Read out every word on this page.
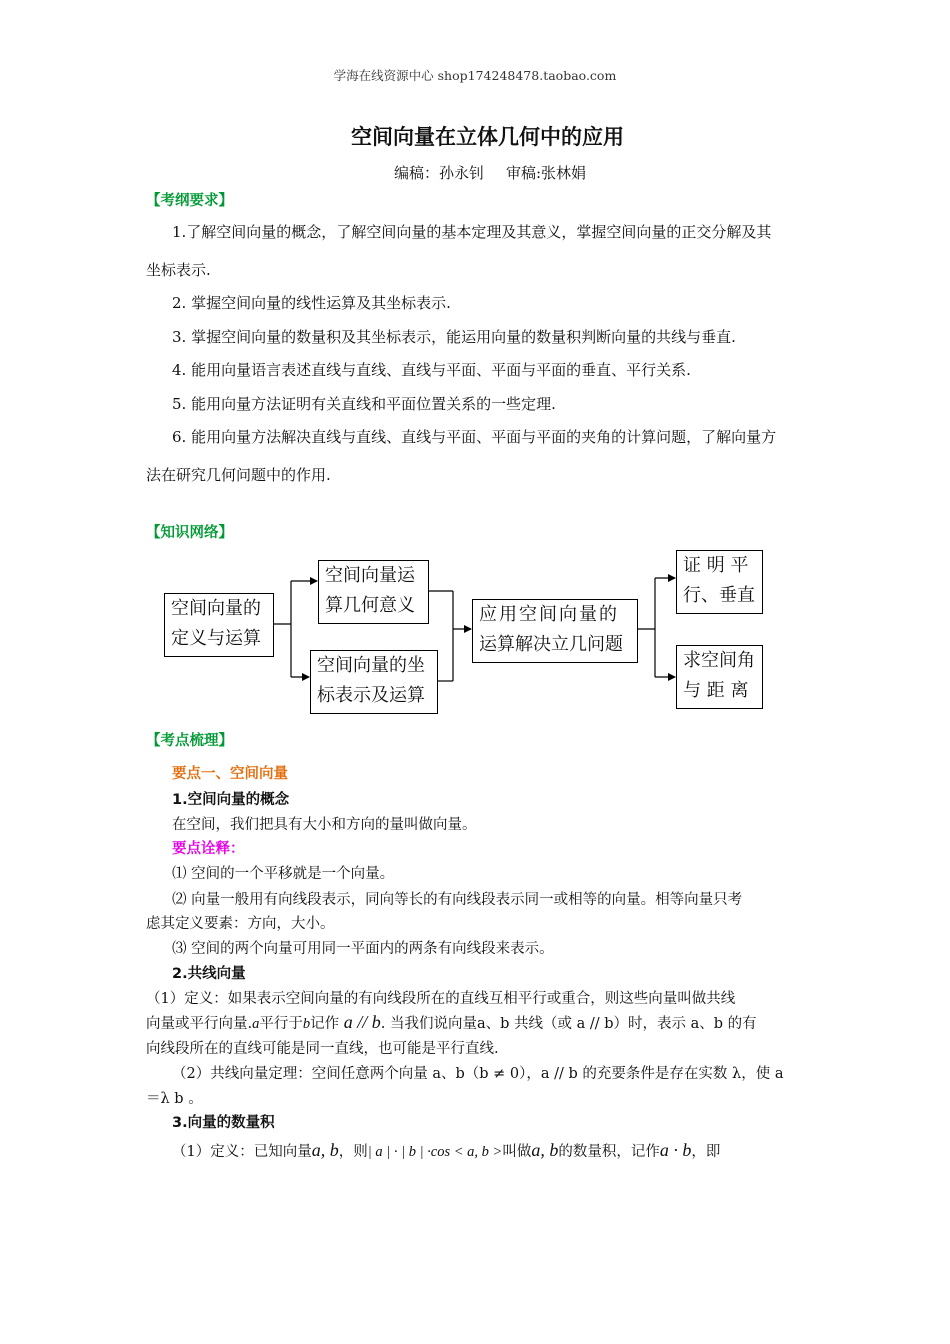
学海在线资源中心 shop174248478.taobao.com
空间向量在立体几何中的应用
编稿：孙永钊 审稿:张林娟
【考纲要求】
1.了解空间向量的概念，了解空间向量的基本定理及其意义，掌握空间向量的正交分解及其
坐标表示.
2. 掌握空间向量的线性运算及其坐标表示.
3. 掌握空间向量的数量积及其坐标表示，能运用向量的数量积判断向量的共线与垂直.
4. 能用向量语言表述直线与直线、直线与平面、平面与平面的垂直、平行关系.
5. 能用向量方法证明有关直线和平面位置关系的一些定理.
6. 能用向量方法解决直线与直线、直线与平面、平面与平面的夹角的计算问题，了解向量方
法在研究几何问题中的作用.
【知识网络】
空间向量的
定义与运算
空间向量运
算几何意义
空间向量的坐
标表示及运算
应用空间向量的
运算解决立几问题
证 明 平
行、垂直
求空间角
与 距 离
【考点梳理】
要点一、空间向量
1.空间向量的概念
在空间，我们把具有大小和方向的量叫做向量。
要点诠释：
⑴ 空间的一个平移就是一个向量。
⑵ 向量一般用有向线段表示，同向等长的有向线段表示同一或相等的向量。相等向量只考
虑其定义要素：方向，大小。
⑶ 空间的两个向量可用同一平面内的两条有向线段来表示。
2.共线向量
（1）定义：如果表示空间向量的有向线段所在的直线互相平行或重合，则这些向量叫做共线
向量或平行向量.a平行于b记作 a // b. 当我们说向量a、b 共线（或 a // b）时，表示 a、b 的有
向线段所在的直线可能是同一直线，也可能是平行直线.
（2）共线向量定理：空间任意两个向量 a、b（b ≠ 0），a // b 的充要条件是存在实数 λ，使 a
＝λ b 。
3.向量的数量积
（1）定义：已知向量a, b，则| a | · | b | ·cos < a, b >叫做a, b的数量积，记作a · b，即
